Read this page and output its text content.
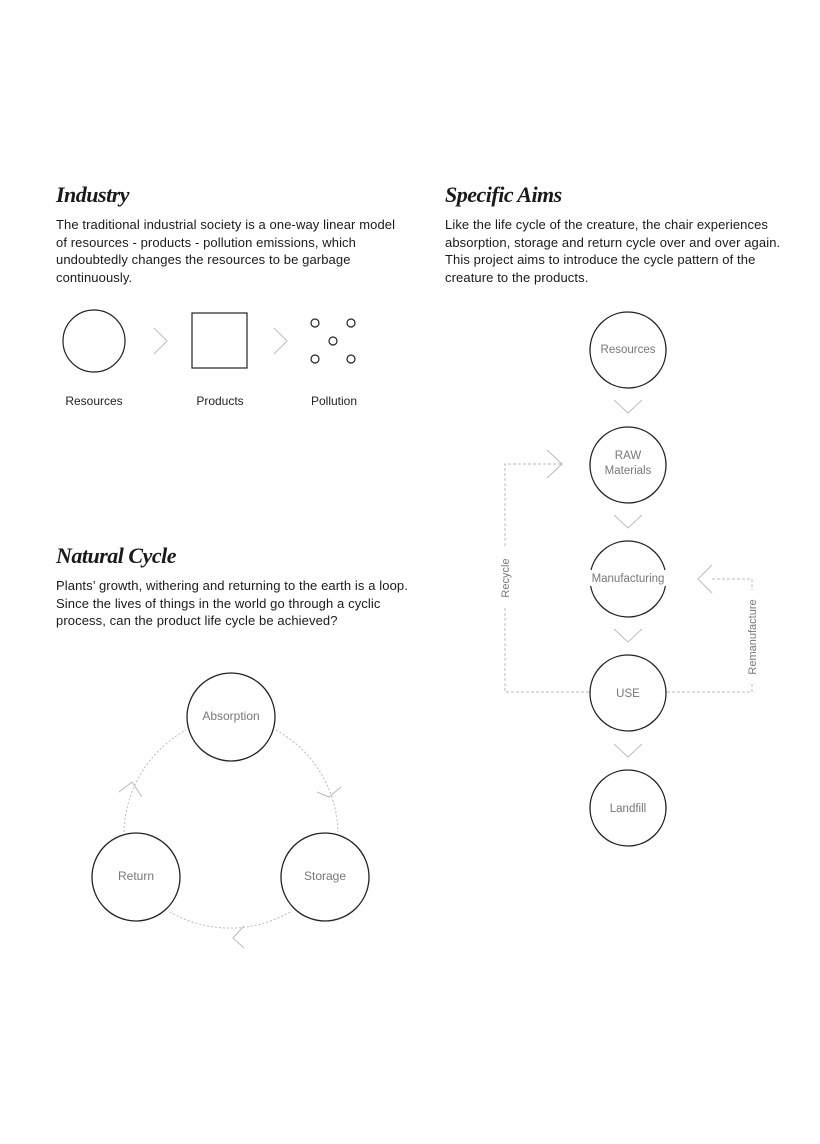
Industry

The traditional industrial society is a one-way linear model of resources - products - pollution emissions, which undoubtedly changes the resources to be garbage continuously.

Specific Aims

Like the life cycle of the creature, the chair experiences absorption, storage and return cycle over and over again. This project aims to introduce the cycle pattern of the creature to the products.

Natural Cycle

Plants’ growth, withering and returning to the earth is a loop. Since the lives of things in the world go through a cyclic process, can the product life cycle be achieved?

Resources	Products	Pollution
Absorption
Storage
Return
Resources
RAW
Materials
Manufacturing
USE
Landfill
Recycle
Remanufacture
